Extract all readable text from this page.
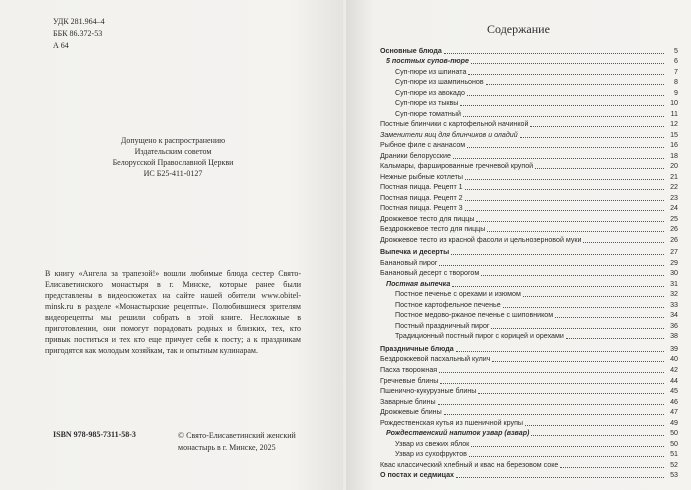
УДК 281.964–4
ББК 86.372-53
А 64
Допущено к распространению
Издательским советом
Белорусской Православной Церкви
ИС Б25-411-0127
В книгу «Ангела за трапезой!» вошли любимые блюда сестер Свято-Елисаветинского монастыря в г. Минске, которые ранее были представлены в видеосюжетах на сайте нашей обители www.obitel-minsk.ru в разделе «Монастырские рецепты». Полюбившиеся зрителям видеорецепты мы решили собрать в этой книге. Несложные в приготовлении, они помогут порадовать родных и близких, тех, кто привык поститься и тех кто еще причует себя к посту; а к праздникам пригодятся как молодым хозяйкам, так и опытным кулинарам.
ISBN 978-985-7311-58-3	© Свято-Елисаветинский женский
монастырь в г. Минске, 2025
Содержание
Основные блюда	5
5 постных супов-пюре	6
Суп-пюре из шпината	7
Суп-пюре из шампиньонов	8
Суп-пюре из авокадо	9
Суп-пюре из тыквы	10
Суп-пюре томатный	11
Постные блинчики с картофельной начинкой	12
Заменители яиц для блинчиков и оладий	15
Рыбное филе с ананасом	16
Драники белорусские	18
Кальмары, фаршированные гречневой крупой	20
Нежные рыбные котлеты	21
Постная пицца. Рецепт 1	22
Постная пицца. Рецепт 2	23
Постная пицца. Рецепт 3	24
Дрожжевое тесто для пиццы	25
Бездрожжевое тесто для пиццы	26
Дрожжевое тесто из красной фасоли и цельнозерновой муки	26
Выпечка и десерты	27
Банановый пирог	29
Банановый десерт с творогом	30
Постная выпечка	31
Постное печенье с орехами и изюмом	32
Постное картофельное печенье	33
Постное медово-ржаное печенье с шиповником	34
Постный праздничный пирог	36
Традиционный постный пирог с корицей и орехами	38
Праздничные блюда	39
Бездрожжевой пасхальный кулич	40
Пасха творожная	42
Гречневые блины	44
Пшенично-кукурузные блины	45
Заварные блины	46
Дрожжевые блины	47
Рождественская кутья из пшеничной крупы	49
Рождественский напиток узвар (взвар)	50
Узвар из свежих яблок	50
Узвар из сухофруктов	51
Квас классический хлебный и квас на березовом соке	52
О постах и седмицах	53
